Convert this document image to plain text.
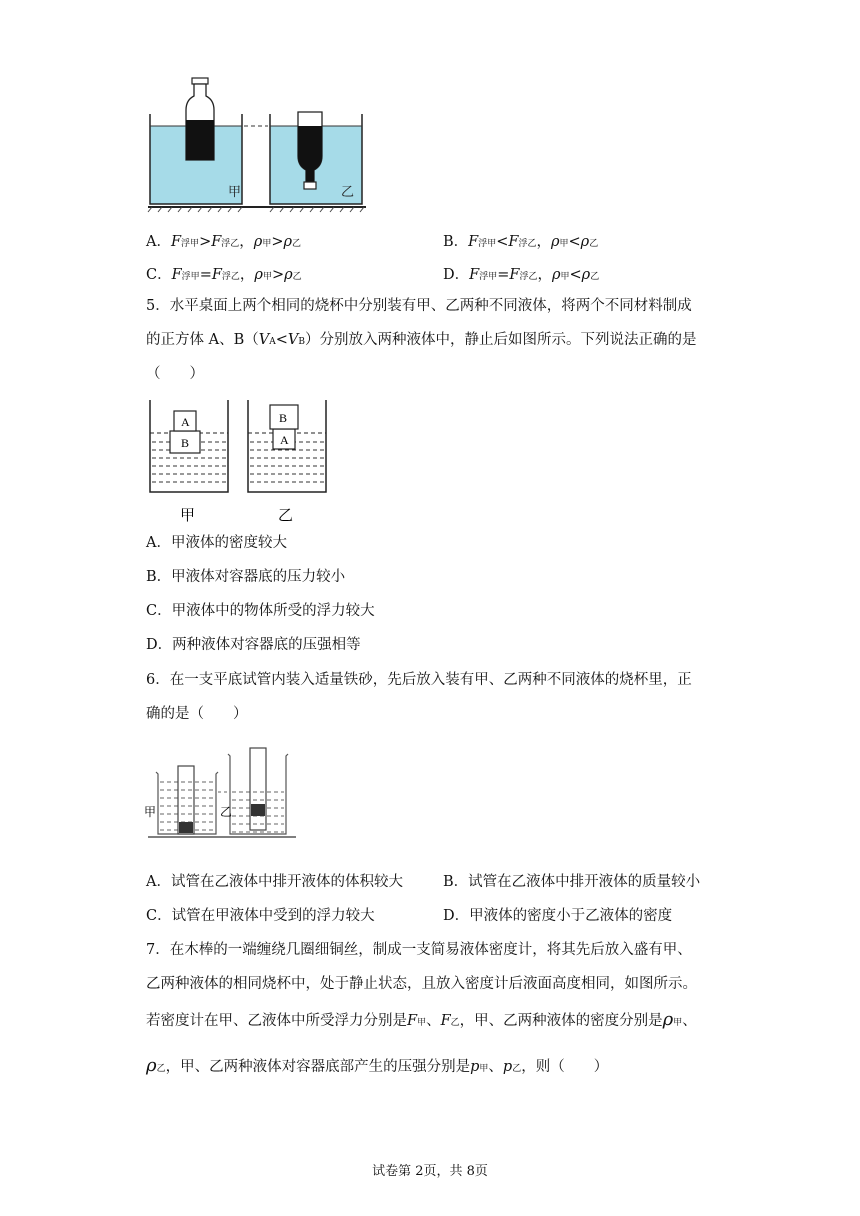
甲	乙
A．F浮甲>F浮乙，ρ甲>ρ乙	B．F浮甲<F浮乙，ρ甲<ρ乙
C．F浮甲=F浮乙，ρ甲>ρ乙	D．F浮甲=F浮乙，ρ甲<ρ乙
5．水平桌面上两个相同的烧杯中分别装有甲、乙两种不同液体，将两个不同材料制成
的正方体 A、B（VA<VB）分别放入两种液体中，静止后如图所示。下列说法正确的是
（　　）
A
B
B
A
甲	乙
A．甲液体的密度较大
B．甲液体对容器底的压力较小
C．甲液体中的物体所受的浮力较大
D．两种液体对容器底的压强相等
6．在一支平底试管内装入适量铁砂，先后放入装有甲、乙两种不同液体的烧杯里，正
确的是（　　）
甲	乙
A．试管在乙液体中排开液体的体积较大	B．试管在乙液体中排开液体的质量较小
C．试管在甲液体中受到的浮力较大	D．甲液体的密度小于乙液体的密度
7．在木棒的一端缠绕几圈细铜丝，制成一支简易液体密度计，将其先后放入盛有甲、
乙两种液体的相同烧杯中，处于静止状态，且放入密度计后液面高度相同，如图所示。
若密度计在甲、乙液体中所受浮力分别是F甲、F乙，甲、乙两种液体的密度分别是ρ甲、
ρ乙，甲、乙两种液体对容器底部产生的压强分别是p甲、p乙，则（　　）
试卷第 2页，共 8页
